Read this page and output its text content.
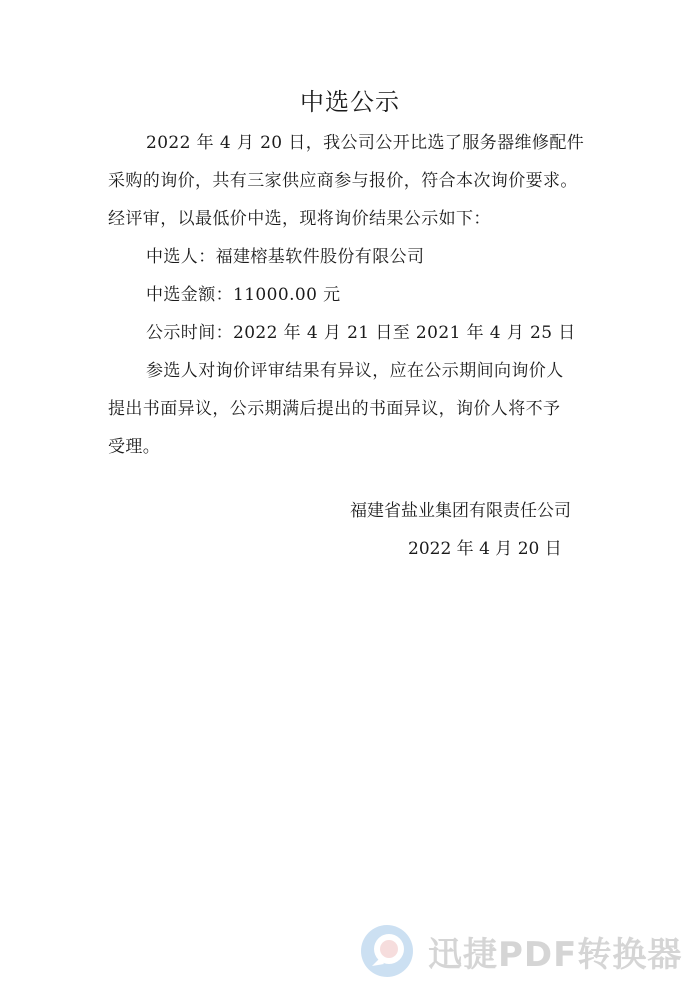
中选公示
2022 年 4 月 20 日，我公司公开比选了服务器维修配件
采购的询价，共有三家供应商参与报价，符合本次询价要求。
经评审，以最低价中选，现将询价结果公示如下：
中选人：福建榕基软件股份有限公司
中选金额：11000.00 元
公示时间：2022 年 4 月 21 日至 2021 年 4 月 25 日
参选人对询价评审结果有异议，应在公示期间向询价人
提出书面异议，公示期满后提出的书面异议，询价人将不予
受理。
福建省盐业集团有限责任公司
2022 年 4 月 20 日
迅捷PDF转换器
